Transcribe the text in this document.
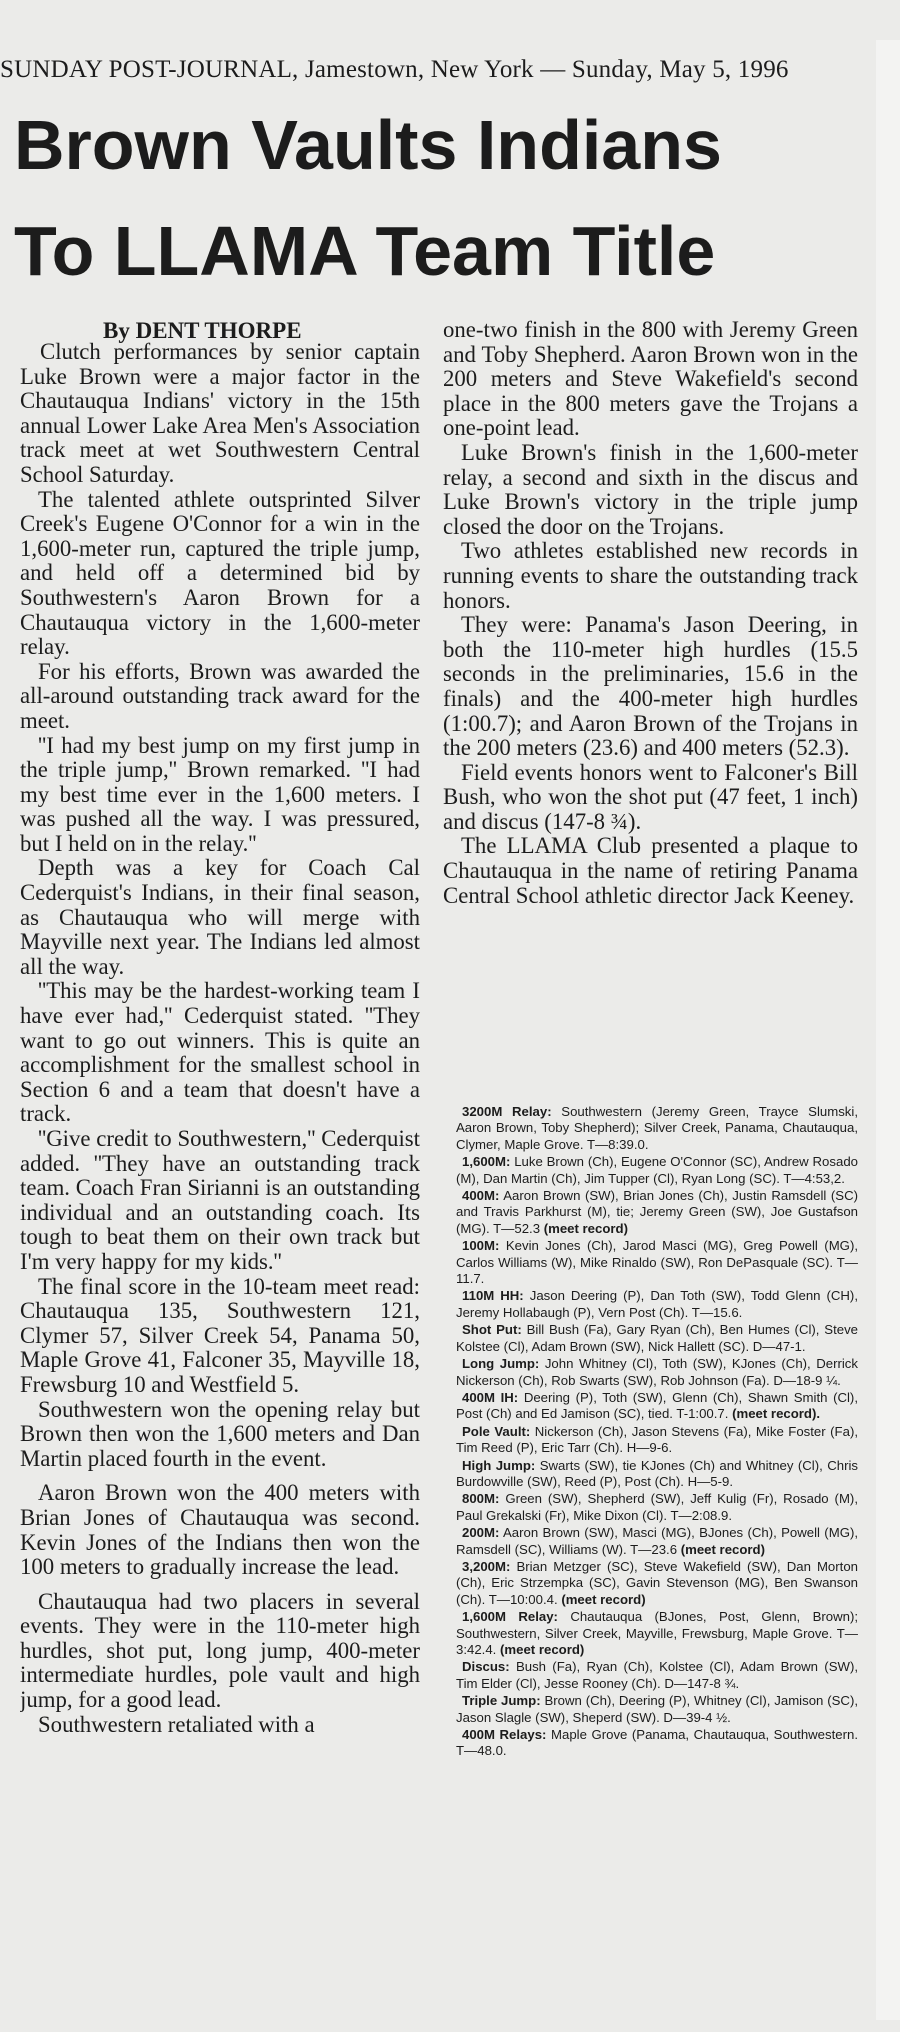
SUNDAY POST-JOURNAL, Jamestown, New York — Sunday, May 5, 1996
Brown Vaults Indians
To LLAMA Team Title
By DENT THORPE

Clutch performances by senior captain Luke Brown were a major factor in the Chautauqua Indians' victory in the 15th annual Lower Lake Area Men's Association track meet at wet Southwestern Central School Saturday.

The talented athlete outsprinted Silver Creek's Eugene O'Connor for a win in the 1,600-meter run, captured the triple jump, and held off a determined bid by Southwestern's Aaron Brown for a Chautauqua victory in the 1,600-meter relay.

For his efforts, Brown was awarded the all-around outstanding track award for the meet.

''I had my best jump on my first jump in the triple jump,'' Brown remarked. ''I had my best time ever in the 1,600 meters. I was pushed all the way. I was pressured, but I held on in the relay.''

Depth was a key for Coach Cal Cederquist's Indians, in their final season, as Chautauqua who will merge with Mayville next year. The Indians led almost all the way.

''This may be the hardest-working team I have ever had,'' Cederquist stated. ''They want to go out winners. This is quite an accomplishment for the smallest school in Section 6 and a team that doesn't have a track.

''Give credit to Southwestern,'' Cederquist added. ''They have an outstanding track team. Coach Fran Sirianni is an outstanding individual and an outstanding coach. Its tough to beat them on their own track but I'm very happy for my kids.''

The final score in the 10-team meet read: Chautauqua 135, Southwestern 121, Clymer 57, Silver Creek 54, Panama 50, Maple Grove 41, Falconer 35, Mayville 18, Frewsburg 10 and Westfield 5.

Southwestern won the opening relay but Brown then won the 1,600 meters and Dan Martin placed fourth in the event.

Aaron Brown won the 400 meters with Brian Jones of Chautauqua was second. Kevin Jones of the Indians then won the 100 meters to gradually increase the lead.

Chautauqua had two placers in several events. They were in the 110-meter high hurdles, shot put, long jump, 400-meter intermediate hurdles, pole vault and high jump, for a good lead.

Southwestern retaliated with a

one-two finish in the 800 with Jeremy Green and Toby Shepherd. Aaron Brown won in the 200 meters and Steve Wakefield's second place in the 800 meters gave the Trojans a one-point lead.

Luke Brown's finish in the 1,600-meter relay, a second and sixth in the discus and Luke Brown's victory in the triple jump closed the door on the Trojans.

Two athletes established new records in running events to share the outstanding track honors.

They were: Panama's Jason Deering, in both the 110-meter high hurdles (15.5 seconds in the preliminaries, 15.6 in the finals) and the 400-meter high hurdles (1:00.7); and Aaron Brown of the Trojans in the 200 meters (23.6) and 400 meters (52.3).

Field events honors went to Falconer's Bill Bush, who won the shot put (47 feet, 1 inch) and discus (147-8 ¾).

The LLAMA Club presented a plaque to Chautauqua in the name of retiring Panama Central School athletic director Jack Keeney.

3200M Relay: Southwestern (Jeremy Green, Trayce Slumski, Aaron Brown, Toby Shepherd); Silver Creek, Panama, Chautauqua, Clymer, Maple Grove. T—8:39.0.

1,600M: Luke Brown (Ch), Eugene O'Connor (SC), Andrew Rosado (M), Dan Martin (Ch), Jim Tupper (Cl), Ryan Long (SC). T—4:53,2.

400M: Aaron Brown (SW), Brian Jones (Ch), Justin Ramsdell (SC) and Travis Parkhurst (M), tie; Jeremy Green (SW), Joe Gustafson (MG). T—52.3 (meet record)

100M: Kevin Jones (Ch), Jarod Masci (MG), Greg Powell (MG), Carlos Williams (W), Mike Rinaldo (SW), Ron DePasquale (SC). T—11.7.

110M HH: Jason Deering (P), Dan Toth (SW), Todd Glenn (CH), Jeremy Hollabaugh (P), Vern Post (Ch). T—15.6.

Shot Put: Bill Bush (Fa), Gary Ryan (Ch), Ben Humes (Cl), Steve Kolstee (Cl), Adam Brown (SW), Nick Hallett (SC). D—47-1.

Long Jump: John Whitney (Cl), Toth (SW), KJones (Ch), Derrick Nickerson (Ch), Rob Swarts (SW), Rob Johnson (Fa). D—18-9 ¼.

400M IH: Deering (P), Toth (SW), Glenn (Ch), Shawn Smith (Cl), Post (Ch) and Ed Jamison (SC), tied. T-1:00.7. (meet record).

Pole Vault: Nickerson (Ch), Jason Stevens (Fa), Mike Foster (Fa), Tim Reed (P), Eric Tarr (Ch). H—9-6.

High Jump: Swarts (SW), tie KJones (Ch) and Whitney (Cl), Chris Burdowville (SW), Reed (P), Post (Ch). H—5-9.

800M: Green (SW), Shepherd (SW), Jeff Kulig (Fr), Rosado (M), Paul Grekalski (Fr), Mike Dixon (Cl). T—2:08.9.

200M: Aaron Brown (SW), Masci (MG), BJones (Ch), Powell (MG), Ramsdell (SC), Williams (W). T—23.6 (meet record)

3,200M: Brian Metzger (SC), Steve Wakefield (SW), Dan Morton (Ch), Eric Strzempka (SC), Gavin Stevenson (MG), Ben Swanson (Ch). T—10:00.4. (meet record)

1,600M Relay: Chautauqua (BJones, Post, Glenn, Brown); Southwestern, Silver Creek, Mayville, Frewsburg, Maple Grove. T—3:42.4. (meet record)

Discus: Bush (Fa), Ryan (Ch), Kolstee (Cl), Adam Brown (SW), Tim Elder (Cl), Jesse Rooney (Ch). D—147-8 ¾.

Triple Jump: Brown (Ch), Deering (P), Whitney (Cl), Jamison (SC), Jason Slagle (SW), Sheperd (SW). D—39-4 ½.

400M Relays: Maple Grove (Panama, Chautauqua, Southwestern. T—48.0.
